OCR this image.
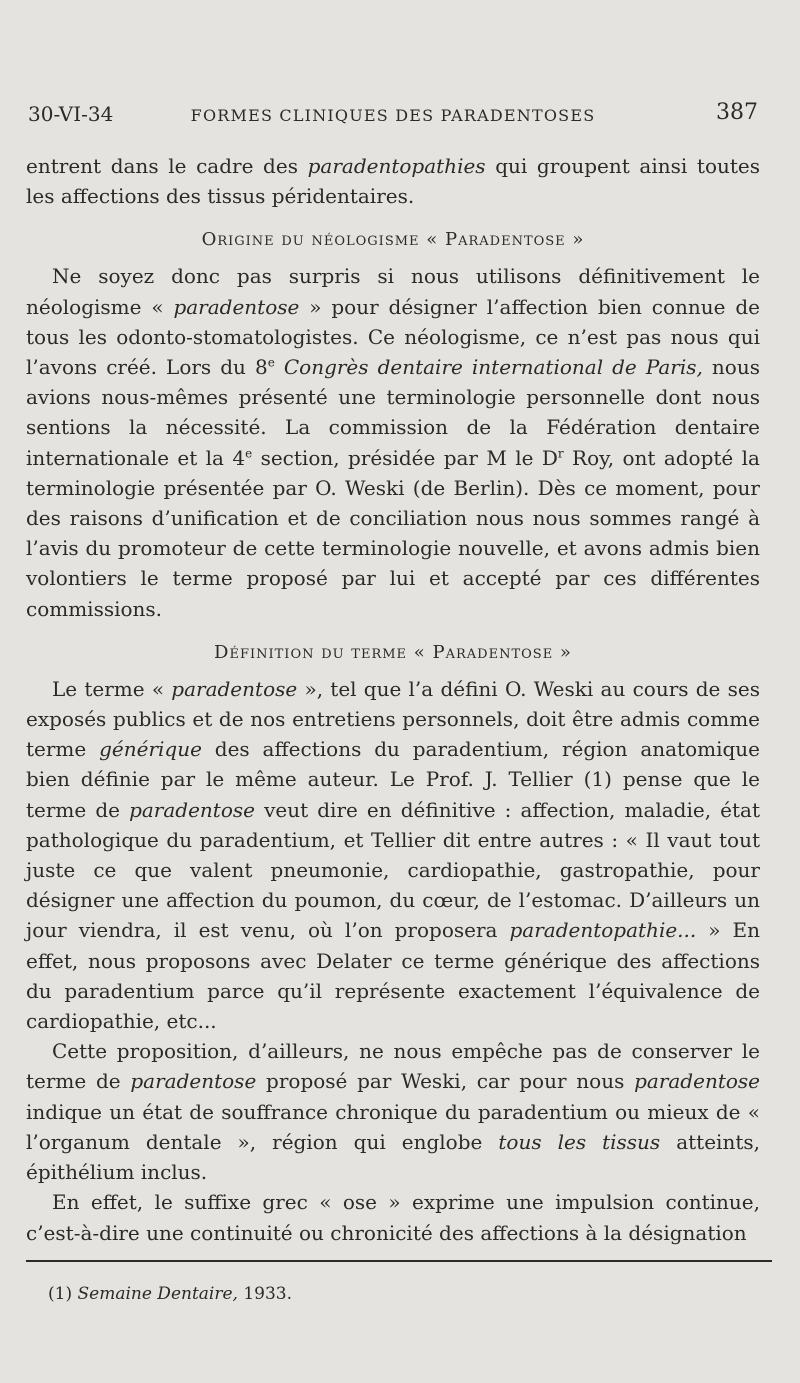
30-VI-34	FORMES CLINIQUES DES PARADENTOSES	387

entrent dans le cadre des paradentopathies qui groupent ainsi toutes les affections des tissus péridentaires.

Origine du néologisme « Paradentose »

Ne soyez donc pas surpris si nous utilisons définitivement le néologisme « paradentose » pour désigner l’affection bien connue de tous les odonto-stomatologistes. Ce néologisme, ce n’est pas nous qui l’avons créé. Lors du 8e Congrès dentaire international de Paris, nous avions nous-mêmes présenté une terminologie personnelle dont nous sentions la nécessité. La commission de la Fédération dentaire internationale et la 4e section, présidée par M le $D^r$ Roy, ont adopté la terminologie présentée par O. Weski (de Berlin). Dès ce moment, pour des raisons d’unification et de conciliation nous nous sommes rangé à l’avis du promoteur de cette terminologie nouvelle, et avons admis bien volontiers le terme proposé par lui et accepté par ces différentes commissions.

Définition du terme « Paradentose »

Le terme « paradentose », tel que l’a défini O. Weski au cours de ses exposés publics et de nos entretiens personnels, doit être admis comme terme générique des affections du paradentium, région anatomique bien définie par le même auteur. Le Prof. J. Tellier (1) pense que le terme de paradentose veut dire en définitive : affection, maladie, état pathologique du paradentium, et Tellier dit entre autres : « Il vaut tout juste ce que valent pneumonie, cardiopathie, gastropathie, pour désigner une affection du poumon, du cœur, de l’estomac. D’ailleurs un jour viendra, il est venu, où l’on proposera paradentopathie... » En effet, nous proposons avec Delater ce terme générique des affections du paradentium parce qu’il représente exactement l’équivalence de cardiopathie, etc...

Cette proposition, d’ailleurs, ne nous empêche pas de conserver le terme de paradentose proposé par Weski, car pour nous paradentose indique un état de souffrance chronique du paradentium ou mieux de « l’organum dentale », région qui englobe tous les tissus atteints, épithélium inclus.

En effet, le suffixe grec « ose » exprime une impulsion continue, c’est-à-dire une continuité ou chronicité des affections à la désignation

(1) Semaine Dentaire, 1933.
